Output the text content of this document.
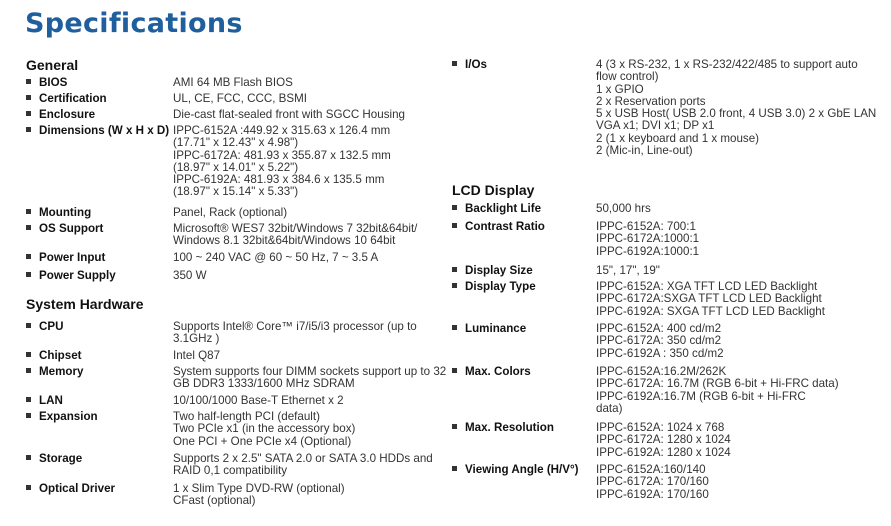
Specifications
General
BIOS	AMI 64 MB Flash BIOS
Certification	UL, CE, FCC, CCC, BSMI
Enclosure	Die-cast flat-sealed front with SGCC Housing
Dimensions (W x H x D) IPPC-6152A :449.92 x 315.63 x 126.4 mm
(17.71" x 12.43" x 4.98")
IPPC-6172A: 481.93 x 355.87 x 132.5 mm
(18.97" x 14.01" x 5.22")
IPPC-6192A: 481.93 x 384.6 x 135.5 mm
(18.97" x 15.14" x 5.33")
Mounting	Panel, Rack (optional)
OS Support	Microsoft® WES7 32bit/Windows 7 32bit&64bit/
Windows 8.1 32bit&64bit/Windows 10 64bit
Power Input	100 ~ 240 VAC @ 60 ~ 50 Hz, 7 ~ 3.5 A
Power Supply	350 W
System Hardware
CPU	Supports Intel® Core™ i7/i5/i3 processor (up to
3.1GHz )
Chipset	Intel Q87
Memory	System supports four DIMM sockets support up to 32
GB DDR3 1333/1600 MHz SDRAM
LAN	10/100/1000 Base-T Ethernet x 2
Expansion	Two half-length PCI (default)
Two PCIe x1 (in the accessory box)
One PCI + One PCIe x4 (Optional)
Storage	Supports 2 x 2.5" SATA 2.0 or SATA 3.0 HDDs and
RAID 0,1 compatibility
Optical Driver	1 x Slim Type DVD-RW (optional)
CFast (optional)
I/Os	4 (3 x RS-232, 1 x RS-232/422/485 to support auto
flow control)
1 x GPIO
2 x Reservation ports
5 x USB Host( USB 2.0 front, 4 USB 3.0) 2 x GbE LAN
VGA x1; DVI x1; DP x1
2 (1 x keyboard and 1 x mouse)
2 (Mic-in, Line-out)
LCD Display
Backlight Life	50,000 hrs
Contrast Ratio	IPPC-6152A: 700:1
IPPC-6172A:1000:1
IPPC-6192A:1000:1
Display Size	15", 17", 19"
Display Type	IPPC-6152A: XGA TFT LCD LED Backlight
IPPC-6172A:SXGA TFT LCD LED Backlight
IPPC-6192A: SXGA TFT LCD LED Backlight
Luminance	IPPC-6152A: 400 cd/m2
IPPC-6172A: 350 cd/m2
IPPC-6192A : 350 cd/m2
Max. Colors	IPPC-6152A:16.2M/262K
IPPC-6172A: 16.7M (RGB 6-bit + Hi-FRC data)
IPPC-6192A:16.7M (RGB 6-bit + Hi-FRC
data)
Max. Resolution	IPPC-6152A: 1024 x 768
IPPC-6172A: 1280 x 1024
IPPC-6192A: 1280 x 1024
Viewing Angle (H/V°) IPPC-6152A:160/140
IPPC-6172A: 170/160
IPPC-6192A: 170/160
